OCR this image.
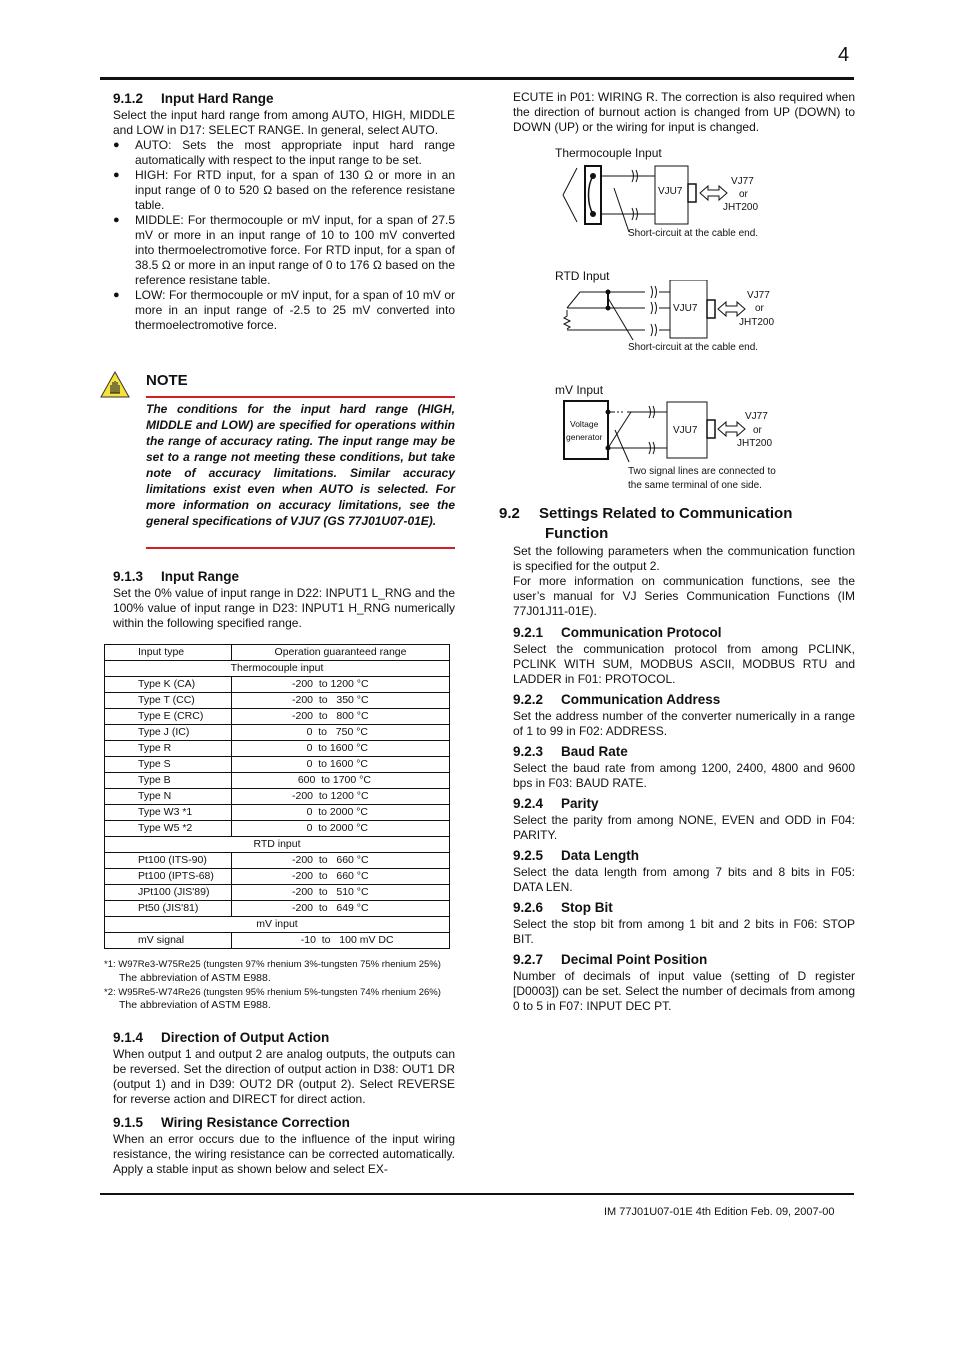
4
9.1.2 Input Hard Range

Select the input hard range from among AUTO, HIGH, MIDDLE and LOW in D17: SELECT RANGE. In general, select AUTO.

● AUTO: Sets the most appropriate input hard range automatically with respect to the input range to be set.
● HIGH: For RTD input, for a span of 130 Ω or more in an input range of 0 to 520 Ω based on the reference resistane table.
● MIDDLE: For thermocouple or mV input, for a span of 27.5 mV or more in an input range of 10 to 100 mV converted into thermoelectromotive force. For RTD input, for a span of 38.5 Ω or more in an input range of 0 to 176 Ω based on the reference resistane table.
● LOW: For thermocouple or mV input, for a span of 10 mV or more in an input range of -2.5 to 25 mV converted into thermoelectromotive force.
NOTE

The conditions for the input hard range (HIGH, MIDDLE and LOW) are specified for operations within the range of accuracy rating. The input range may be set to a range not meeting these conditions, but take note of accuracy limitations. Similar accuracy limitations exist even when AUTO is selected. For more information on accuracy limitations, see the general specifications of VJU7 (GS 77J01U07-01E).

9.1.3 Input Range

Set the 0% value of input range in D22: INPUT1 L_RNG and the 100% value of input range in D23: INPUT1 H_RNG numerically within the following specified range.

Input type	Operation guaranteed range
Thermocouple input	
Type K (CA)	-200  to 1200 °C
Type T (CC)	-200  to   350 °C
Type E (CRC)	-200  to   800 °C
Type J (IC)	0  to   750 °C
Type R	0  to 1600 °C
Type S	0  to 1600 °C
Type B	600  to 1700 °C
Type N	-200  to 1200 °C
Type W3 *1	0  to 2000 °C
Type W5 *2	0  to 2000 °C
RTD input	
Pt100 (ITS-90)	-200  to   660 °C
Pt100 (IPTS-68)	-200  to   660 °C
JPt100 (JIS'89)	-200  to   510 °C
Pt50 (JIS'81)	-200  to   649 °C
mV input	
mV signal	-10  to   100 mV DC
*1: W97Re3-W75Re25 (tungsten 97% rhenium 3%-tungsten 75% rhenium 25%)
The abbreviation of ASTM E988.
*2: W95Re5-W74Re26 (tungsten 95% rhenium 5%-tungsten 74% rhenium 26%)
The abbreviation of ASTM E988.
9.1.4 Direction of Output Action

When output 1 and output 2 are analog outputs, the outputs can be reversed. Set the direction of output action in D38: OUT1 DR (output 1) and in D39: OUT2 DR (output 2). Select REVERSE for reverse action and DIRECT for direct action.

9.1.5 Wiring Resistance Correction

When an error occurs due to the influence of the input wiring resistance, the wiring resistance can be corrected automatically. Apply a stable input as shown below and select EX-

ECUTE in P01: WIRING R. The correction is also required when the direction of burnout action is changed from UP (DOWN) to DOWN (UP) or the wiring for input is changed.

Thermocouple Input
VJU7
VJ77
or
JHT200
Short-circuit at the cable end.
RTD Input
VJU7
VJ77
or
JHT200
Short-circuit at the cable end.
mV Input
Voltage
generator
VJU7
VJ77
or
JHT200
Two signal lines are connected to
the same terminal of one side.
9.2 Settings Related to Communication
Function

Set the following parameters when the communication function is specified for the output 2.

For more information on communication functions, see the user’s manual for VJ Series Communication Functions (IM 77J01J11-01E).

9.2.1 Communication Protocol

Select the communication protocol from among PCLINK, PCLINK WITH SUM, MODBUS ASCII, MODBUS RTU and LADDER in F01: PROTOCOL.

9.2.2 Communication Address

Set the address number of the converter numerically in a range of 1 to 99 in F02: ADDRESS.

9.2.3 Baud Rate

Select the baud rate from among 1200, 2400, 4800 and 9600 bps in F03: BAUD RATE.

9.2.4 Parity

Select the parity from among NONE, EVEN and ODD in F04: PARITY.

9.2.5 Data Length

Select the data length from among 7 bits and 8 bits in F05: DATA LEN.

9.2.6 Stop Bit

Select the stop bit from among 1 bit and 2 bits in F06: STOP BIT.

9.2.7 Decimal Point Position

Number of decimals of input value (setting of D register [D0003]) can be set. Select the number of decimals from among 0 to 5 in F07: INPUT DEC PT.

IM 77J01U07-01E 4th Edition Feb. 09, 2007-00
